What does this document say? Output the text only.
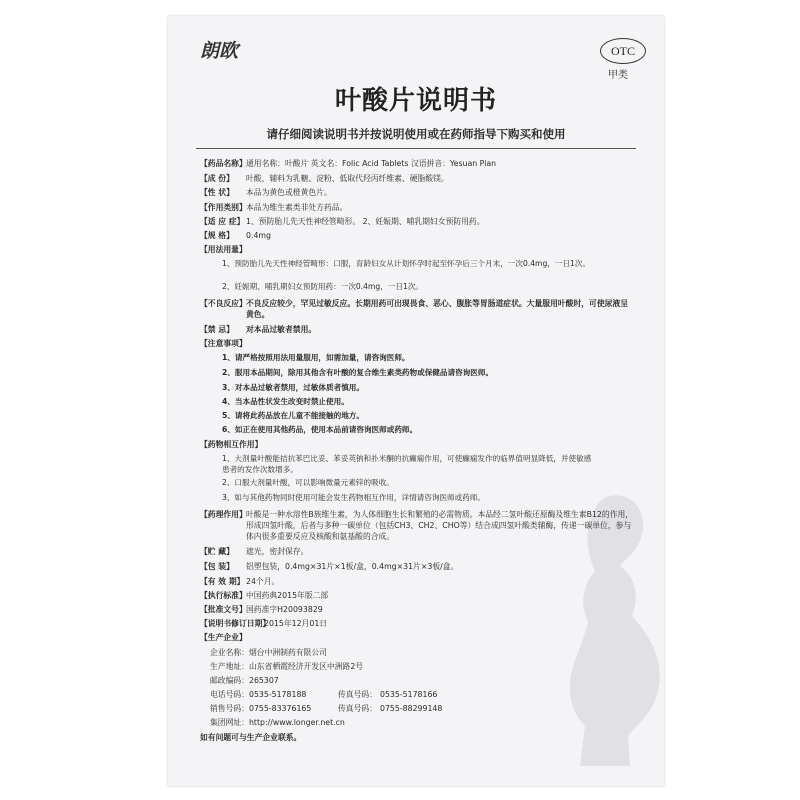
朗欧	OTC
甲类
叶酸片说明书
请仔细阅读说明书并按说明使用或在药师指导下购买和使用
【药品名称】 通用名称：叶酸片 英文名：Folic Acid Tablets 汉语拼音：Yesuan Pian
【成 份】	叶酸，辅料为乳糖、淀粉、低取代羟丙纤维素、硬脂酸镁。
【性 状】	本品为黄色或橙黄色片。
【作用类别】 本品为维生素类非处方药品。
【适 应 症】 1、预防胎儿先天性神经管畸形。 2、妊娠期、哺乳期妇女预防用药。
【规 格】	0.4mg
【用法用量】
1、预防胎儿先天性神经管畸形：口服，育龄妇女从计划怀孕时起至怀孕后三个月末，一次0.4mg，一日1次。
2、妊娠期、哺乳期妇女预防用药：一次0.4mg，一日1次。
【不良反应】 不良反应较少，罕见过敏反应。长期用药可出现畏食、恶心、腹胀等胃肠道症状。大量服用叶酸时，可使尿液呈黄色。
【禁 忌】	对本品过敏者禁用。
【注意事项】
1、请严格按照用法用量服用，如需加量，请咨询医师。
2、服用本品期间，除用其他含有叶酸的复合维生素类药物或保健品请咨询医师。
3、对本品过敏者禁用，过敏体质者慎用。
4、当本品性状发生改变时禁止使用。
5、请将此药品放在儿童不能接触的地方。
6、如正在使用其他药品，使用本品前请咨询医师或药师。
【药物相互作用】
1、大剂量叶酸能拮抗苯巴比妥、苯妥英钠和扑米酮的抗癫痫作用，可使癫痫发作的临界值明显降低，并使敏感患者的发作次数增多。
2、口服大剂量叶酸，可以影响微量元素锌的吸收。
3、如与其他药物同时使用可能会发生药物相互作用，详情请咨询医师或药师。
【药理作用】 叶酸是一种水溶性B族维生素，为人体细胞生长和繁殖的必需物质。本品经二氢叶酸还原酶及维生素B12的作用，形成四氢叶酸，后者与多种一碳单位（包括CH3、CH2、CHO等）结合成四氢叶酸类辅酶，传递一碳单位，参与体内很多重要反应及核酸和氨基酸的合成。
【贮 藏】	遮光，密封保存。
【包 装】	铝塑包装，0.4mg×31片×1板/盒，0.4mg×31片×3板/盒。
【有 效 期】 24个月。
【执行标准】 中国药典2015年版二部
【批准文号】 国药准字H20093829
【说明书修订日期】
2015年12月01日
【生产企业】
企业名称：烟台中洲制药有限公司
生产地址：山东省栖霞经济开发区中洲路2号
邮政编码：265307
电话号码：0535-5178188	传真号码： 0535-5178166
销售号码：0755-83376165	传真号码： 0755-88299148
集团网址：http://www.longer.net.cn
如有问题可与生产企业联系。
